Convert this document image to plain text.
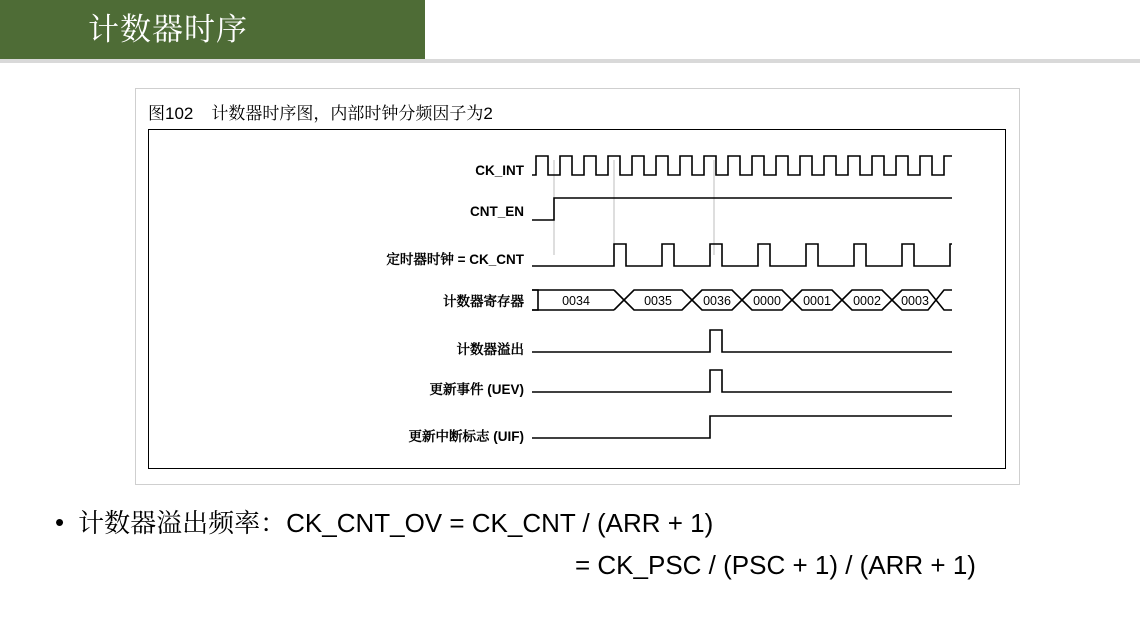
计数器时序
图102 计数器时序图，内部时钟分频因子为2
CK_INT
CNT_EN
定时器时钟 = CK_CNT
计数器寄存器
计数器溢出
更新事件 (UEV)
更新中断标志 (UIF)
0034	0035 0036 0000 0001 0002 0003
• 计数器溢出频率：CK_CNT_OV = CK_CNT / (ARR + 1)
= CK_PSC / (PSC + 1) / (ARR + 1)
